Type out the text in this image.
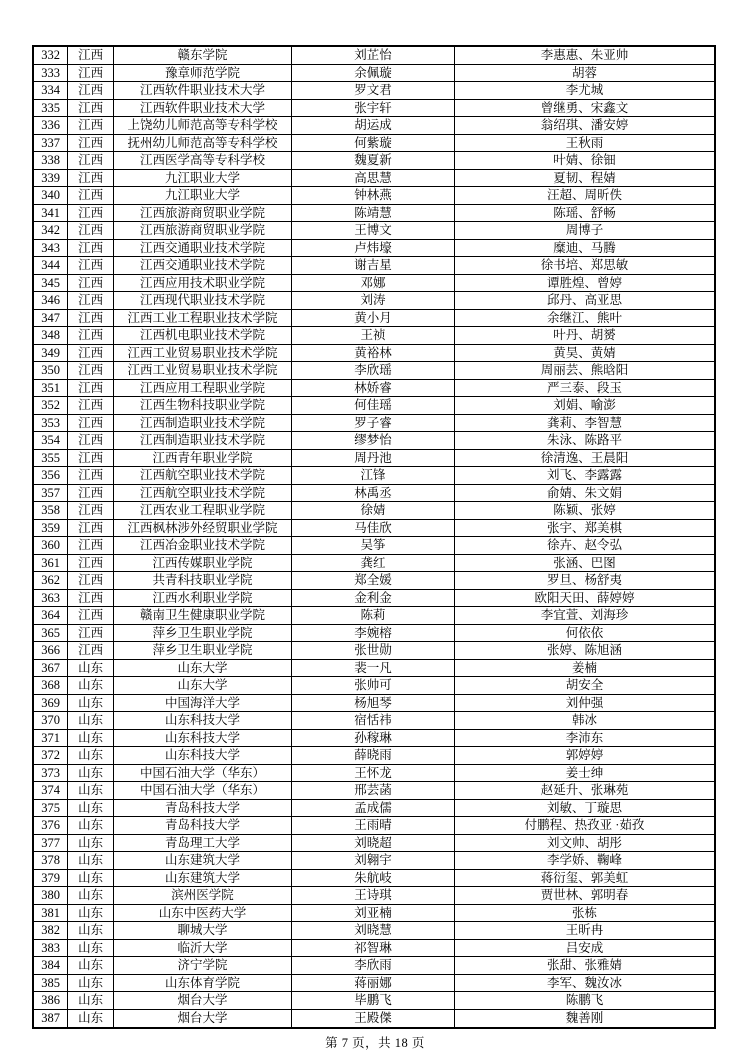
332	江西	赣东学院	刘芷怡	李惠惠、朱亚帅
333	江西	豫章师范学院	余佩璇	胡蓉
334	江西	江西软件职业技术大学	罗文君	李尤城
335	江西	江西软件职业技术大学	张宇轩	曾继勇、宋鑫文
336	江西	上饶幼儿师范高等专科学校	胡运成	翁绍琪、潘安婷
337	江西	抚州幼儿师范高等专科学校	何紫璇	王秋雨
338	江西	江西医学高等专科学校	魏夏新	叶婧、徐钿
339	江西	九江职业大学	高思慧	夏韧、程婧
340	江西	九江职业大学	钟林燕	汪超、周昕佚
341	江西	江西旅游商贸职业学院	陈靖慧	陈瑶、舒畅
342	江西	江西旅游商贸职业学院	王博文	周博子
343	江西	江西交通职业技术学院	卢炜壕	糜迪、马腾
344	江西	江西交通职业技术学院	谢吉星	徐书培、郑思敏
345	江西	江西应用技术职业学院	邓娜	谭胜煌、曾婷
346	江西	江西现代职业技术学院	刘涛	邱丹、高亚思
347	江西	江西工业工程职业技术学院	黄小月	余继江、熊叶
348	江西	江西机电职业技术学院	王祯	叶丹、胡赟
349	江西	江西工业贸易职业技术学院	黄裕林	黄昊、黄婧
350	江西	江西工业贸易职业技术学院	李欣瑶	周丽芸、熊晗阳
351	江西	江西应用工程职业学院	林娇睿	严三泰、段玉
352	江西	江西生物科技职业学院	何佳瑶	刘娟、喻澎
353	江西	江西制造职业技术学院	罗子睿	龚莉、李智慧
354	江西	江西制造职业技术学院	缪梦怡	朱泳、陈路平
355	江西	江西青年职业学院	周丹池	徐清逸、王晨阳
356	江西	江西航空职业技术学院	江锋	刘飞、李露露
357	江西	江西航空职业技术学院	林禹丞	俞婧、朱文娟
358	江西	江西农业工程职业学院	徐婧	陈颖、张婷
359	江西	江西枫林涉外经贸职业学院	马佳欣	张宇、郑美棋
360	江西	江西冶金职业技术学院	吴筝	徐卉、赵令弘
361	江西	江西传媒职业学院	龚红	张涵、巴图
362	江西	共青科技职业学院	郑全媛	罗旦、杨舒夷
363	江西	江西水利职业学院	金利金	欧阳天田、薛婷婷
364	江西	赣南卫生健康职业学院	陈莉	李宜萱、刘海珍
365	江西	萍乡卫生职业学院	李婉榕	何依依
366	江西	萍乡卫生职业学院	张世勋	张婷、陈旭涵
367	山东	山东大学	裴一凡	姜楠
368	山东	山东大学	张帅可	胡安全
369	山东	中国海洋大学	杨旭琴	刘仲强
370	山东	山东科技大学	宿恬祎	韩冰
371	山东	山东科技大学	孙稼琳	李沛东
372	山东	山东科技大学	薛晓雨	郭婷婷
373	山东	中国石油大学（华东）	王怀龙	姜士绅
374	山东	中国石油大学（华东）	邢芸菡	赵延升、张琳苑
375	山东	青岛科技大学	孟成儒	刘敏、丁璇思
376	山东	青岛科技大学	王雨晴	付鹏程、热孜亚 ·茹孜
377	山东	青岛理工大学	刘晓超	刘文帅、胡彤
378	山东	山东建筑大学	刘翱宇	李学娇、鞠峰
379	山东	山东建筑大学	朱航岐	蒋衍玺、郭美虹
380	山东	滨州医学院	王诗琪	贾世林、郭明春
381	山东	山东中医药大学	刘亚楠	张栋
382	山东	聊城大学	刘晓慧	王昕冉
383	山东	临沂大学	祁智琳	吕安成
384	山东	济宁学院	李欣雨	张甜、张雅婧
385	山东	山东体育学院	蒋丽娜	李军、魏汝冰
386	山东	烟台大学	毕鹏飞	陈鹏飞
387	山东	烟台大学	王殿傑	魏善刚
第 7 页，共 18 页
